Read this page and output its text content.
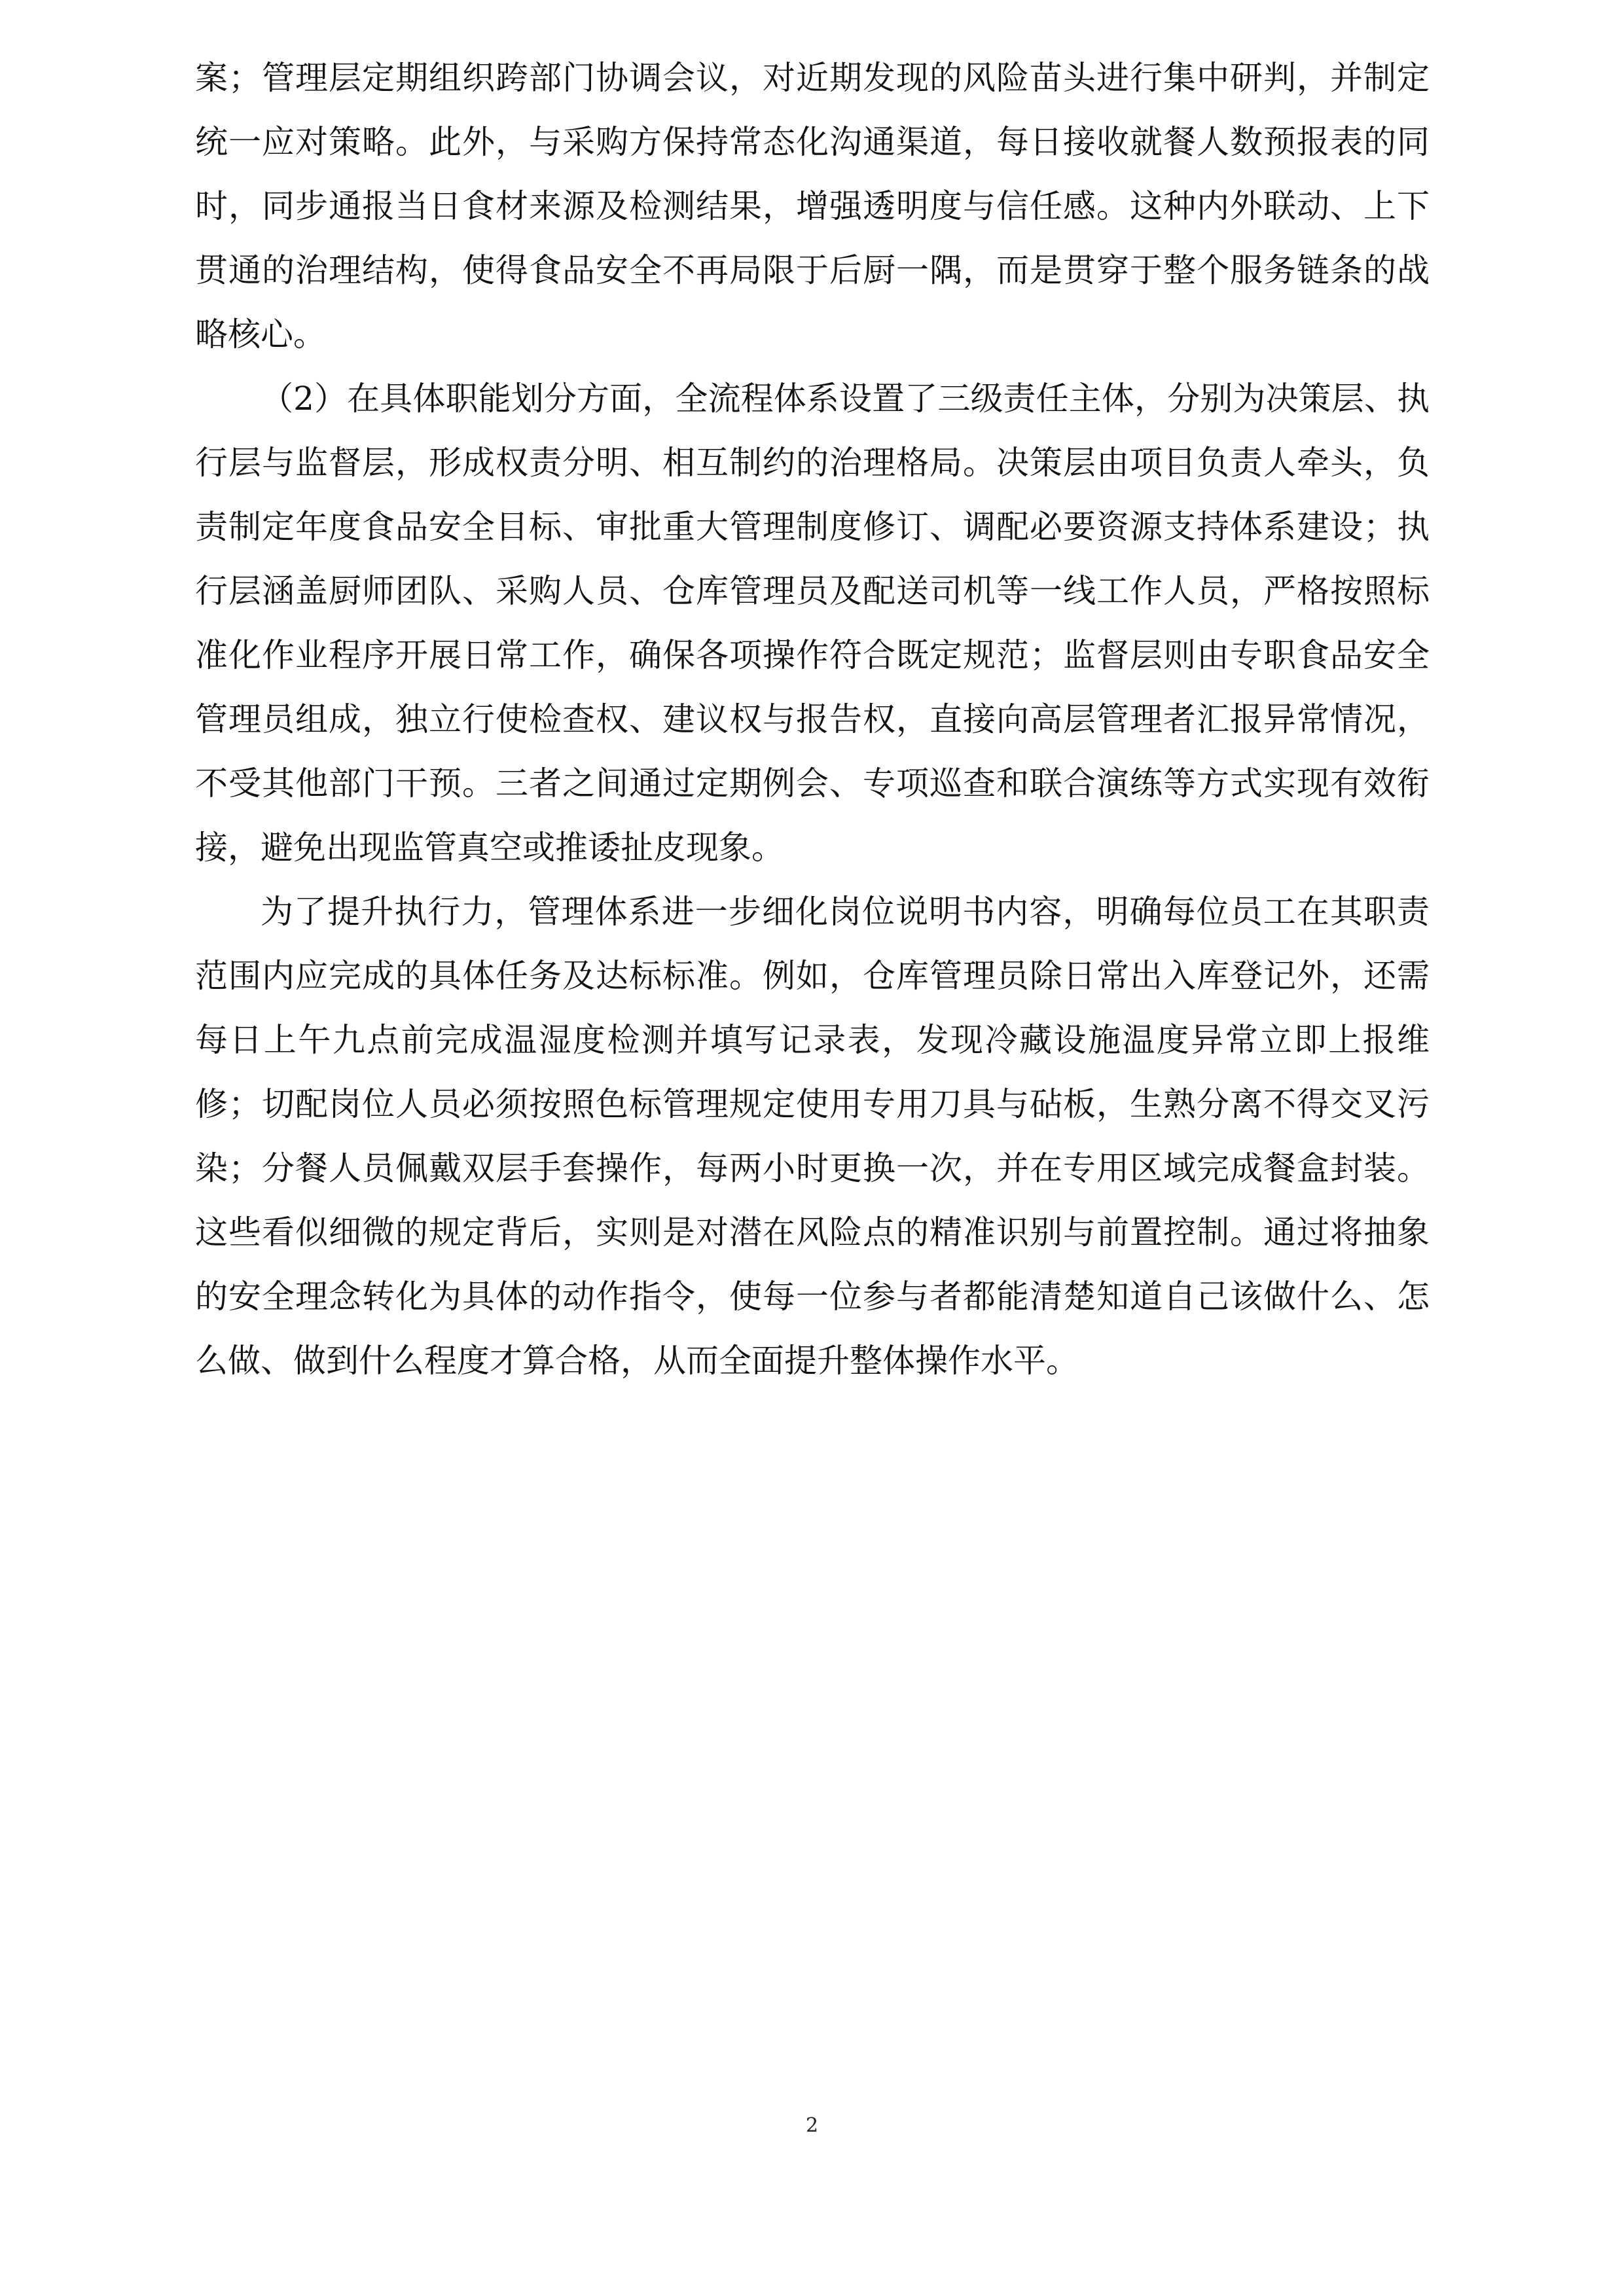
案；管理层定期组织跨部门协调会议，对近期发现的风险苗头进行集中研判，并制定统一应对策略。此外，与采购方保持常态化沟通渠道，每日接收就餐人数预报表的同时，同步通报当日食材来源及检测结果，增强透明度与信任感。这种内外联动、上下贯通的治理结构，使得食品安全不再局限于后厨一隅，而是贯穿于整个服务链条的战略核心。

（2）在具体职能划分方面，全流程体系设置了三级责任主体，分别为决策层、执行层与监督层，形成权责分明、相互制约的治理格局。决策层由项目负责人牵头，负责制定年度食品安全目标、审批重大管理制度修订、调配必要资源支持体系建设；执行层涵盖厨师团队、采购人员、仓库管理员及配送司机等一线工作人员，严格按照标准化作业程序开展日常工作，确保各项操作符合既定规范；监督层则由专职食品安全管理员组成，独立行使检查权、建议权与报告权，直接向高层管理者汇报异常情况，不受其他部门干预。三者之间通过定期例会、专项巡查和联合演练等方式实现有效衔接，避免出现监管真空或推诿扯皮现象。

为了提升执行力，管理体系进一步细化岗位说明书内容，明确每位员工在其职责范围内应完成的具体任务及达标标准。例如，仓库管理员除日常出入库登记外，还需每日上午九点前完成温湿度检测并填写记录表，发现冷藏设施温度异常立即上报维修；切配岗位人员必须按照色标管理规定使用专用刀具与砧板，生熟分离不得交叉污染；分餐人员佩戴双层手套操作，每两小时更换一次，并在专用区域完成餐盒封装。这些看似细微的规定背后，实则是对潜在风险点的精准识别与前置控制。通过将抽象的安全理念转化为具体的动作指令，使每一位参与者都能清楚知道自己该做什么、怎么做、做到什么程度才算合格，从而全面提升整体操作水平。

2
